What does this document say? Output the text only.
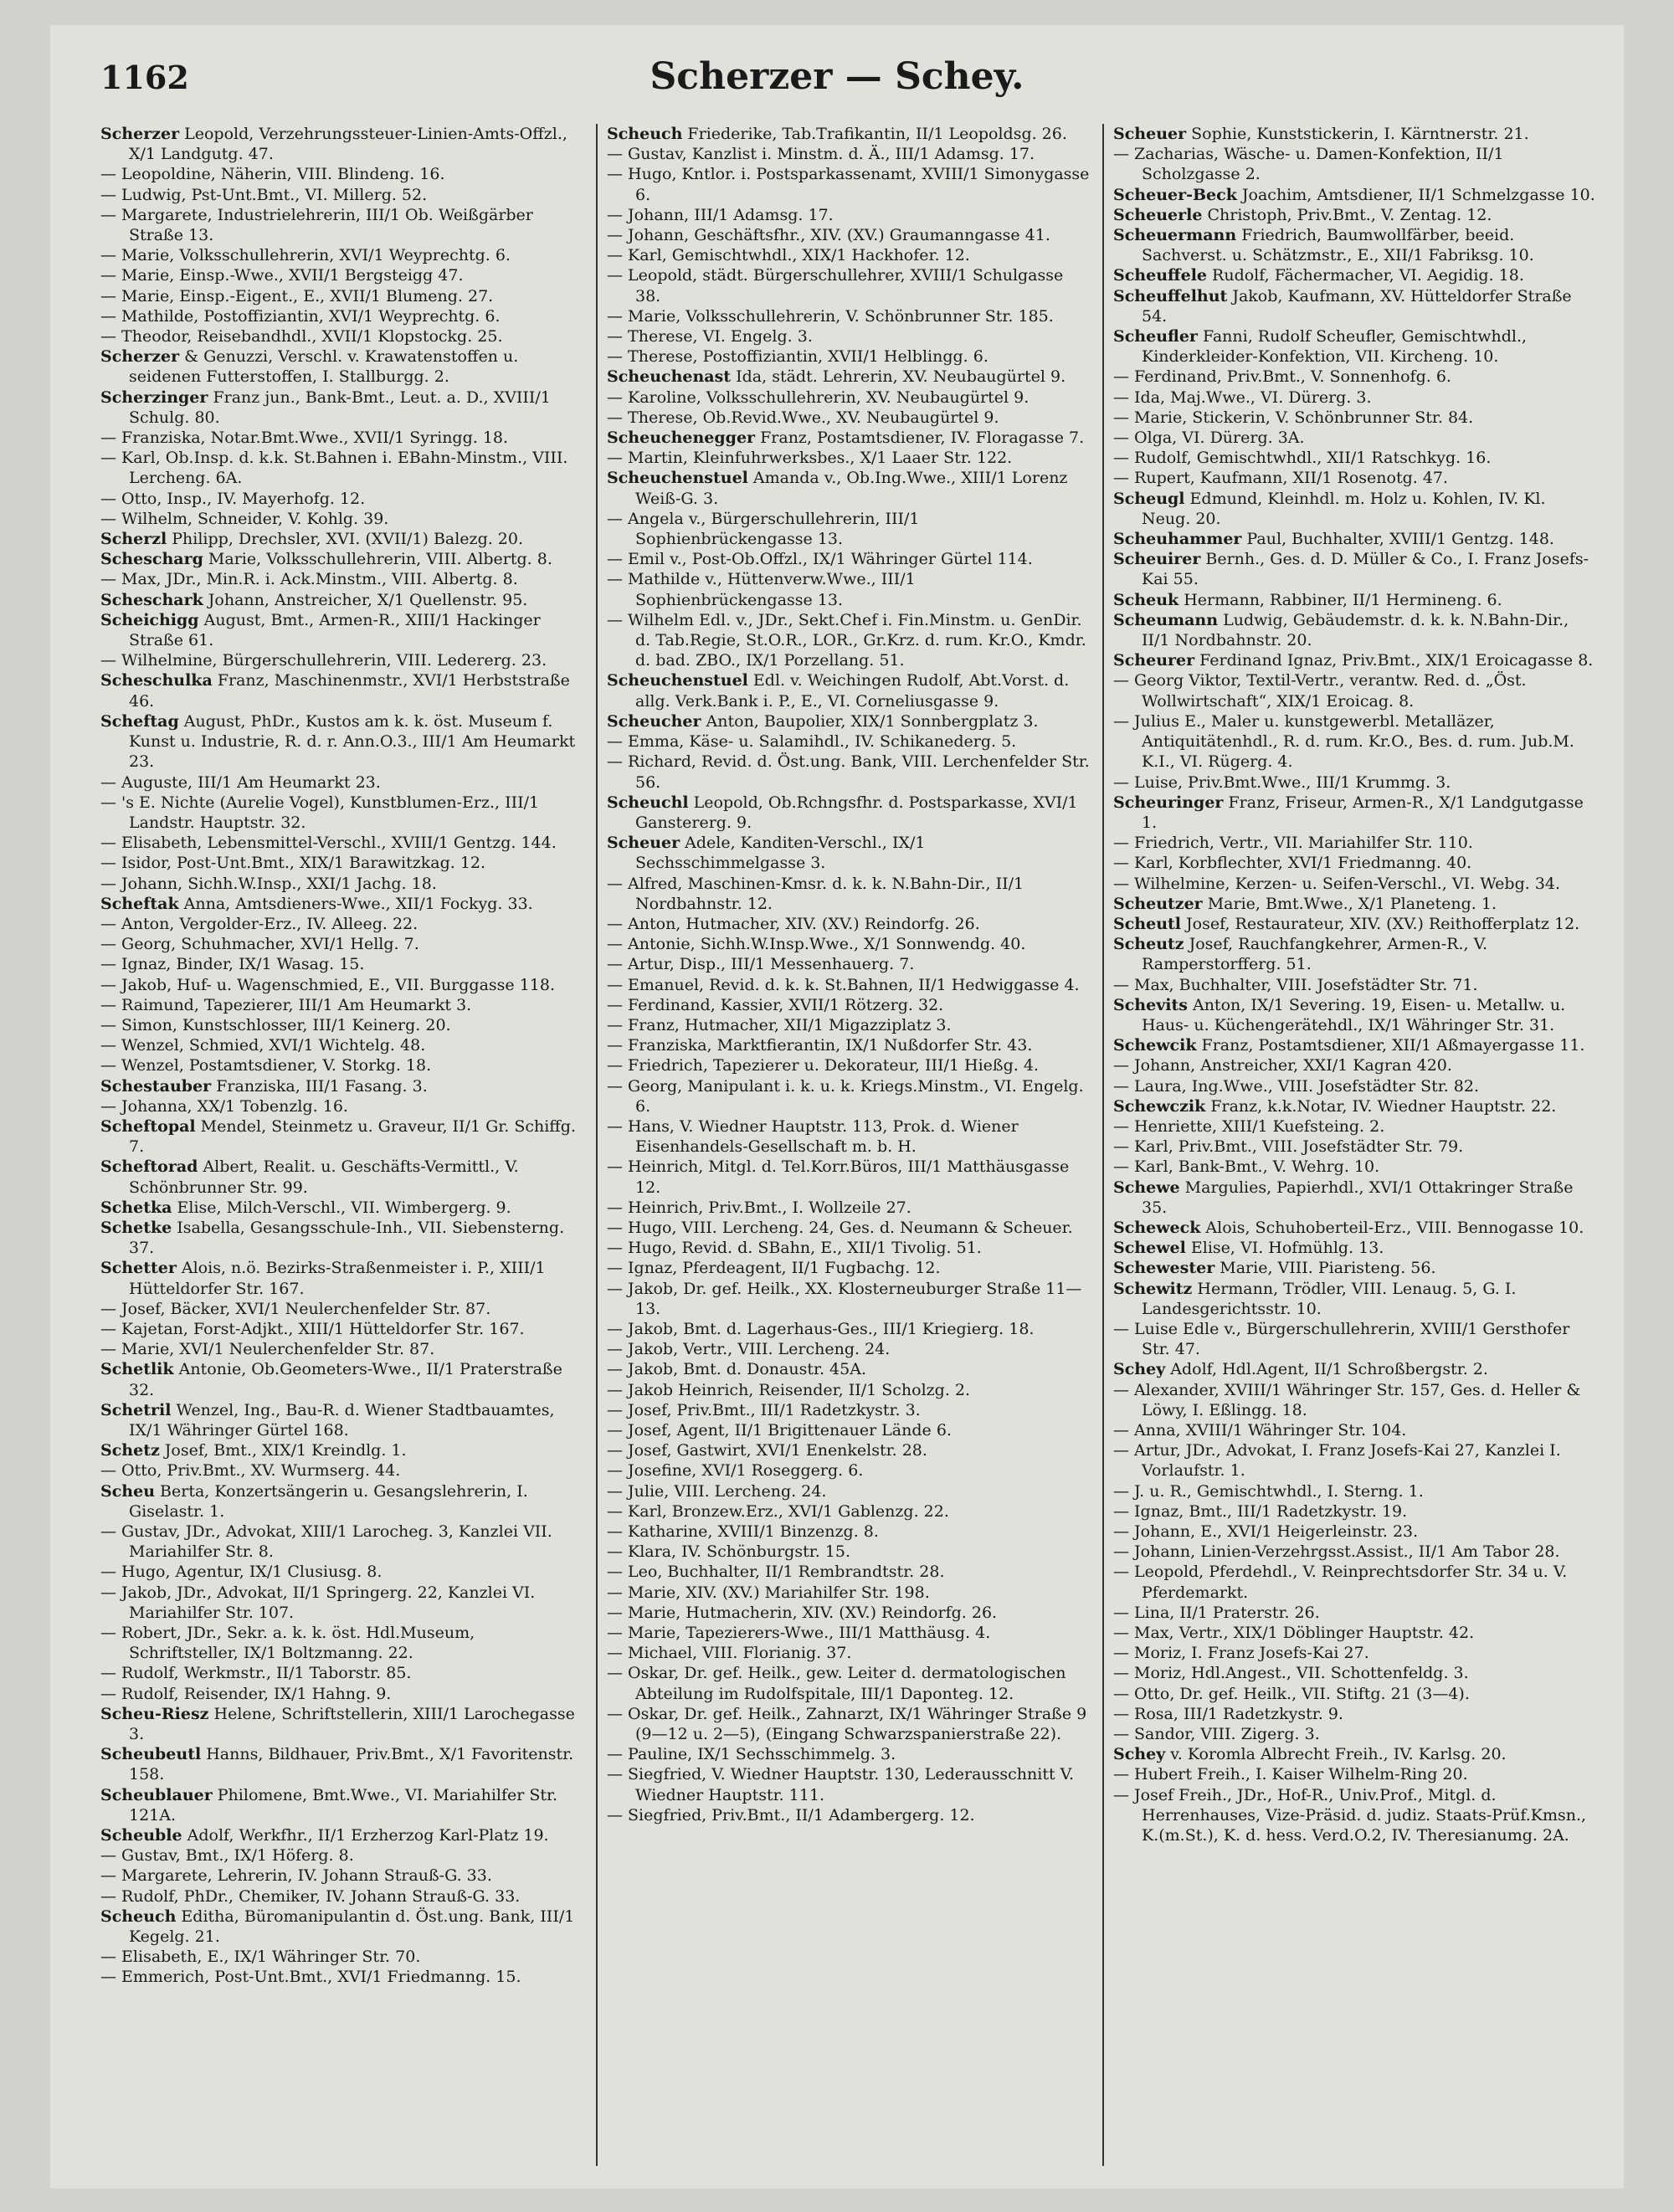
1162	Scherzer — Schey.

Scherzer Leopold, Verzehrungssteuer-Linien-Amts-Offzl., X/1 Landgutg. 47.

— Leopoldine, Näherin, VIII. Blindeng. 16.

— Ludwig, Pst-Unt.Bmt., VI. Millerg. 52.

— Margarete, Industrielehrerin, III/1 Ob. Weißgärber Straße 13.

— Marie, Volksschullehrerin, XVI/1 Weyprechtg. 6.

— Marie, Einsp.-Wwe., XVII/1 Bergsteigg 47.

— Marie, Einsp.-Eigent., E., XVII/1 Blumeng. 27.

— Mathilde, Postoffiziantin, XVI/1 Weyprechtg. 6.

— Theodor, Reisebandhdl., XVII/1 Klopstockg. 25.

Scherzer & Genuzzi, Verschl. v. Krawatenstoffen u. seidenen Futterstoffen, I. Stallburgg. 2.

Scherzinger Franz jun., Bank-Bmt., Leut. a. D., XVIII/1 Schulg. 80.

— Franziska, Notar.Bmt.Wwe., XVII/1 Syringg. 18.

— Karl, Ob.Insp. d. k.k. St.Bahnen i. EBahn-Minstm., VIII. Lercheng. 6A.

— Otto, Insp., IV. Mayerhofg. 12.

— Wilhelm, Schneider, V. Kohlg. 39.

Scherzl Philipp, Drechsler, XVI. (XVII/1) Balezg. 20.

Schescharg Marie, Volksschullehrerin, VIII. Albertg. 8.

— Max, JDr., Min.R. i. Ack.Minstm., VIII. Albertg. 8.

Scheschark Johann, Anstreicher, X/1 Quellenstr. 95.

Scheichigg August, Bmt., Armen-R., XIII/1 Hackinger Straße 61.

— Wilhelmine, Bürgerschullehrerin, VIII. Ledererg. 23.

Scheschulka Franz, Maschinenmstr., XVI/1 Herbststraße 46.

Scheftag August, PhDr., Kustos am k. k. öst. Museum f. Kunst u. Industrie, R. d. r. Ann.O.3., III/1 Am Heumarkt 23.

— Auguste, III/1 Am Heumarkt 23.

— 's E. Nichte (Aurelie Vogel), Kunstblumen-Erz., III/1 Landstr. Hauptstr. 32.

— Elisabeth, Lebensmittel-Verschl., XVIII/1 Gentzg. 144.

— Isidor, Post-Unt.Bmt., XIX/1 Barawitzkag. 12.

— Johann, Sichh.W.Insp., XXI/1 Jachg. 18.

Scheftak Anna, Amtsdieners-Wwe., XII/1 Fockyg. 33.

— Anton, Vergolder-Erz., IV. Alleeg. 22.

— Georg, Schuhmacher, XVI/1 Hellg. 7.

— Ignaz, Binder, IX/1 Wasag. 15.

— Jakob, Huf- u. Wagenschmied, E., VII. Burggasse 118.

— Raimund, Tapezierer, III/1 Am Heumarkt 3.

— Simon, Kunstschlosser, III/1 Keinerg. 20.

— Wenzel, Schmied, XVI/1 Wichtelg. 48.

— Wenzel, Postamtsdiener, V. Storkg. 18.

Schestauber Franziska, III/1 Fasang. 3.

— Johanna, XX/1 Tobenzlg. 16.

Scheftopal Mendel, Steinmetz u. Graveur, II/1 Gr. Schiffg. 7.

Scheftorad Albert, Realit. u. Geschäfts-Vermittl., V. Schönbrunner Str. 99.

Schetka Elise, Milch-Verschl., VII. Wimbergerg. 9.

Schetke Isabella, Gesangsschule-Inh., VII. Siebensterng. 37.

Schetter Alois, n.ö. Bezirks-Straßenmeister i. P., XIII/1 Hütteldorfer Str. 167.

— Josef, Bäcker, XVI/1 Neulerchenfelder Str. 87.

— Kajetan, Forst-Adjkt., XIII/1 Hütteldorfer Str. 167.

— Marie, XVI/1 Neulerchenfelder Str. 87.

Schetlik Antonie, Ob.Geometers-Wwe., II/1 Praterstraße 32.

Schetril Wenzel, Ing., Bau-R. d. Wiener Stadtbauamtes, IX/1 Währinger Gürtel 168.

Schetz Josef, Bmt., XIX/1 Kreindlg. 1.

— Otto, Priv.Bmt., XV. Wurmserg. 44.

Scheu Berta, Konzertsängerin u. Gesangslehrerin, I. Giselastr. 1.

— Gustav, JDr., Advokat, XIII/1 Larocheg. 3, Kanzlei VII. Mariahilfer Str. 8.

— Hugo, Agentur, IX/1 Clusiusg. 8.

— Jakob, JDr., Advokat, II/1 Springerg. 22, Kanzlei VI. Mariahilfer Str. 107.

— Robert, JDr., Sekr. a. k. k. öst. Hdl.Museum, Schriftsteller, IX/1 Boltzmanng. 22.

— Rudolf, Werkmstr., II/1 Taborstr. 85.

— Rudolf, Reisender, IX/1 Hahng. 9.

Scheu-Riesz Helene, Schriftstellerin, XIII/1 Larochegasse 3.

Scheubeutl Hanns, Bildhauer, Priv.Bmt., X/1 Favoritenstr. 158.

Scheublauer Philomene, Bmt.Wwe., VI. Mariahilfer Str. 121A.

Scheuble Adolf, Werkfhr., II/1 Erzherzog Karl-Platz 19.

— Gustav, Bmt., IX/1 Höferg. 8.

— Margarete, Lehrerin, IV. Johann Strauß-G. 33.

— Rudolf, PhDr., Chemiker, IV. Johann Strauß-G. 33.

Scheuch Editha, Büromanipulantin d. Öst.ung. Bank, III/1 Kegelg. 21.

— Elisabeth, E., IX/1 Währinger Str. 70.

— Emmerich, Post-Unt.Bmt., XVI/1 Friedmanng. 15.

Scheuch Friederike, Tab.Trafikantin, II/1 Leopoldsg. 26.

— Gustav, Kanzlist i. Minstm. d. Ä., III/1 Adamsg. 17.

— Hugo, Kntlor. i. Postsparkassenamt, XVIII/1 Simonygasse 6.

— Johann, III/1 Adamsg. 17.

— Johann, Geschäftsfhr., XIV. (XV.) Graumanngasse 41.

— Karl, Gemischtwhdl., XIX/1 Hackhofer. 12.

— Leopold, städt. Bürgerschullehrer, XVIII/1 Schulgasse 38.

— Marie, Volksschullehrerin, V. Schönbrunner Str. 185.

— Therese, VI. Engelg. 3.

— Therese, Postoffiziantin, XVII/1 Helblingg. 6.

Scheuchenast Ida, städt. Lehrerin, XV. Neubaugürtel 9.

— Karoline, Volksschullehrerin, XV. Neubaugürtel 9.

— Therese, Ob.Revid.Wwe., XV. Neubaugürtel 9.

Scheuchenegger Franz, Postamtsdiener, IV. Floragasse 7.

— Martin, Kleinfuhrwerksbes., X/1 Laaer Str. 122.

Scheuchenstuel Amanda v., Ob.Ing.Wwe., XIII/1 Lorenz Weiß-G. 3.

— Angela v., Bürgerschullehrerin, III/1 Sophienbrückengasse 13.

— Emil v., Post-Ob.Offzl., IX/1 Währinger Gürtel 114.

— Mathilde v., Hüttenverw.Wwe., III/1 Sophienbrückengasse 13.

— Wilhelm Edl. v., JDr., Sekt.Chef i. Fin.Minstm. u. GenDir. d. Tab.Regie, St.O.R., LOR., Gr.Krz. d. rum. Kr.O., Kmdr. d. bad. ZBO., IX/1 Porzellang. 51.

Scheuchenstuel Edl. v. Weichingen Rudolf, Abt.Vorst. d. allg. Verk.Bank i. P., E., VI. Corneliusgasse 9.

Scheucher Anton, Baupolier, XIX/1 Sonnbergplatz 3.

— Emma, Käse- u. Salamihdl., IV. Schikanederg. 5.

— Richard, Revid. d. Öst.ung. Bank, VIII. Lerchenfelder Str. 56.

Scheuchl Leopold, Ob.Rchngsfhr. d. Postsparkasse, XVI/1 Ganstererg. 9.

Scheuer Adele, Kanditen-Verschl., IX/1 Sechsschimmelgasse 3.

— Alfred, Maschinen-Kmsr. d. k. k. N.Bahn-Dir., II/1 Nordbahnstr. 12.

— Anton, Hutmacher, XIV. (XV.) Reindorfg. 26.

— Antonie, Sichh.W.Insp.Wwe., X/1 Sonnwendg. 40.

— Artur, Disp., III/1 Messenhauerg. 7.

— Emanuel, Revid. d. k. k. St.Bahnen, II/1 Hedwiggasse 4.

— Ferdinand, Kassier, XVII/1 Rötzerg. 32.

— Franz, Hutmacher, XII/1 Migazziplatz 3.

— Franziska, Marktfierantin, IX/1 Nußdorfer Str. 43.

— Friedrich, Tapezierer u. Dekorateur, III/1 Hießg. 4.

— Georg, Manipulant i. k. u. k. Kriegs.Minstm., VI. Engelg. 6.

— Hans, V. Wiedner Hauptstr. 113, Prok. d. Wiener Eisenhandels-Gesellschaft m. b. H.

— Heinrich, Mitgl. d. Tel.Korr.Büros, III/1 Matthäusgasse 12.

— Heinrich, Priv.Bmt., I. Wollzeile 27.

— Hugo, VIII. Lercheng. 24, Ges. d. Neumann & Scheuer.

— Hugo, Revid. d. SBahn, E., XII/1 Tivolig. 51.

— Ignaz, Pferdeagent, II/1 Fugbachg. 12.

— Jakob, Dr. gef. Heilk., XX. Klosterneuburger Straße 11—13.

— Jakob, Bmt. d. Lagerhaus-Ges., III/1 Kriegierg. 18.

— Jakob, Vertr., VIII. Lercheng. 24.

— Jakob, Bmt. d. Donaustr. 45A.

— Jakob Heinrich, Reisender, II/1 Scholzg. 2.

— Josef, Priv.Bmt., III/1 Radetzkystr. 3.

— Josef, Agent, II/1 Brigittenauer Lände 6.

— Josef, Gastwirt, XVI/1 Enenkelstr. 28.

— Josefine, XVI/1 Roseggerg. 6.

— Julie, VIII. Lercheng. 24.

— Karl, Bronzew.Erz., XVI/1 Gablenzg. 22.

— Katharine, XVIII/1 Binzenzg. 8.

— Klara, IV. Schönburgstr. 15.

— Leo, Buchhalter, II/1 Rembrandtstr. 28.

— Marie, XIV. (XV.) Mariahilfer Str. 198.

— Marie, Hutmacherin, XIV. (XV.) Reindorfg. 26.

— Marie, Tapezierers-Wwe., III/1 Matthäusg. 4.

— Michael, VIII. Florianig. 37.

— Oskar, Dr. gef. Heilk., gew. Leiter d. dermatologischen Abteilung im Rudolfspitale, III/1 Daponteg. 12.

— Oskar, Dr. gef. Heilk., Zahnarzt, IX/1 Währinger Straße 9 (9—12 u. 2—5), (Eingang Schwarzspanierstraße 22).

— Pauline, IX/1 Sechsschimmelg. 3.

— Siegfried, V. Wiedner Hauptstr. 130, Lederausschnitt V. Wiedner Hauptstr. 111.

— Siegfried, Priv.Bmt., II/1 Adambergerg. 12.

Scheuer Sophie, Kunststickerin, I. Kärntnerstr. 21.

— Zacharias, Wäsche- u. Damen-Konfektion, II/1 Scholzgasse 2.

Scheuer-Beck Joachim, Amtsdiener, II/1 Schmelzgasse 10.

Scheuerle Christoph, Priv.Bmt., V. Zentag. 12.

Scheuermann Friedrich, Baumwollfärber, beeid. Sachverst. u. Schätzmstr., E., XII/1 Fabriksg. 10.

Scheuffele Rudolf, Fächermacher, VI. Aegidig. 18.

Scheuffelhut Jakob, Kaufmann, XV. Hütteldorfer Straße 54.

Scheufler Fanni, Rudolf Scheufler, Gemischtwhdl., Kinderkleider-Konfektion, VII. Kircheng. 10.

— Ferdinand, Priv.Bmt., V. Sonnenhofg. 6.

— Ida, Maj.Wwe., VI. Dürerg. 3.

— Marie, Stickerin, V. Schönbrunner Str. 84.

— Olga, VI. Dürerg. 3A.

— Rudolf, Gemischtwhdl., XII/1 Ratschkyg. 16.

— Rupert, Kaufmann, XII/1 Rosenotg. 47.

Scheugl Edmund, Kleinhdl. m. Holz u. Kohlen, IV. Kl. Neug. 20.

Scheuhammer Paul, Buchhalter, XVIII/1 Gentzg. 148.

Scheuirer Bernh., Ges. d. D. Müller & Co., I. Franz Josefs-Kai 55.

Scheuk Hermann, Rabbiner, II/1 Hermineng. 6.

Scheumann Ludwig, Gebäudemstr. d. k. k. N.Bahn-Dir., II/1 Nordbahnstr. 20.

Scheurer Ferdinand Ignaz, Priv.Bmt., XIX/1 Eroicagasse 8.

— Georg Viktor, Textil-Vertr., verantw. Red. d. „Öst. Wollwirtschaft“, XIX/1 Eroicag. 8.

— Julius E., Maler u. kunstgewerbl. Metalläzer, Antiquitätenhdl., R. d. rum. Kr.O., Bes. d. rum. Jub.M. K.I., VI. Rügerg. 4.

— Luise, Priv.Bmt.Wwe., III/1 Krummg. 3.

Scheuringer Franz, Friseur, Armen-R., X/1 Landgutgasse 1.

— Friedrich, Vertr., VII. Mariahilfer Str. 110.

— Karl, Korbflechter, XVI/1 Friedmanng. 40.

— Wilhelmine, Kerzen- u. Seifen-Verschl., VI. Webg. 34.

Scheutzer Marie, Bmt.Wwe., X/1 Planeteng. 1.

Scheutl Josef, Restaurateur, XIV. (XV.) Reithofferplatz 12.

Scheutz Josef, Rauchfangkehrer, Armen-R., V. Ramperstorfferg. 51.

— Max, Buchhalter, VIII. Josefstädter Str. 71.

Schevits Anton, IX/1 Severing. 19, Eisen- u. Metallw. u. Haus- u. Küchengerätehdl., IX/1 Währinger Str. 31.

Schewcik Franz, Postamtsdiener, XII/1 Aßmayergasse 11.

— Johann, Anstreicher, XXI/1 Kagran 420.

— Laura, Ing.Wwe., VIII. Josefstädter Str. 82.

Schewczik Franz, k.k.Notar, IV. Wiedner Hauptstr. 22.

— Henriette, XIII/1 Kuefsteing. 2.

— Karl, Priv.Bmt., VIII. Josefstädter Str. 79.

— Karl, Bank-Bmt., V. Wehrg. 10.

Schewe Margulies, Papierhdl., XVI/1 Ottakringer Straße 35.

Scheweck Alois, Schuhoberteil-Erz., VIII. Bennogasse 10.

Schewel Elise, VI. Hofmühlg. 13.

Schewester Marie, VIII. Piaristeng. 56.

Schewitz Hermann, Trödler, VIII. Lenaug. 5, G. I. Landesgerichtsstr. 10.

— Luise Edle v., Bürgerschullehrerin, XVIII/1 Gersthofer Str. 47.

Schey Adolf, Hdl.Agent, II/1 Schroßbergstr. 2.

— Alexander, XVIII/1 Währinger Str. 157, Ges. d. Heller & Löwy, I. Eßlingg. 18.

— Anna, XVIII/1 Währinger Str. 104.

— Artur, JDr., Advokat, I. Franz Josefs-Kai 27, Kanzlei I. Vorlaufstr. 1.

— J. u. R., Gemischtwhdl., I. Sterng. 1.

— Ignaz, Bmt., III/1 Radetzkystr. 19.

— Johann, E., XVI/1 Heigerleinstr. 23.

— Johann, Linien-Verzehrgsst.Assist., II/1 Am Tabor 28.

— Leopold, Pferdehdl., V. Reinprechtsdorfer Str. 34 u. V. Pferdemarkt.

— Lina, II/1 Praterstr. 26.

— Max, Vertr., XIX/1 Döblinger Hauptstr. 42.

— Moriz, I. Franz Josefs-Kai 27.

— Moriz, Hdl.Angest., VII. Schottenfeldg. 3.

— Otto, Dr. gef. Heilk., VII. Stiftg. 21 (3—4).

— Rosa, III/1 Radetzkystr. 9.

— Sandor, VIII. Zigerg. 3.

Schey v. Koromla Albrecht Freih., IV. Karlsg. 20.

— Hubert Freih., I. Kaiser Wilhelm-Ring 20.

— Josef Freih., JDr., Hof-R., Univ.Prof., Mitgl. d. Herrenhauses, Vize-Präsid. d. judiz. Staats-Prüf.Kmsn., K.(m.St.), K. d. hess. Verd.O.2, IV. Theresianumg. 2A.
